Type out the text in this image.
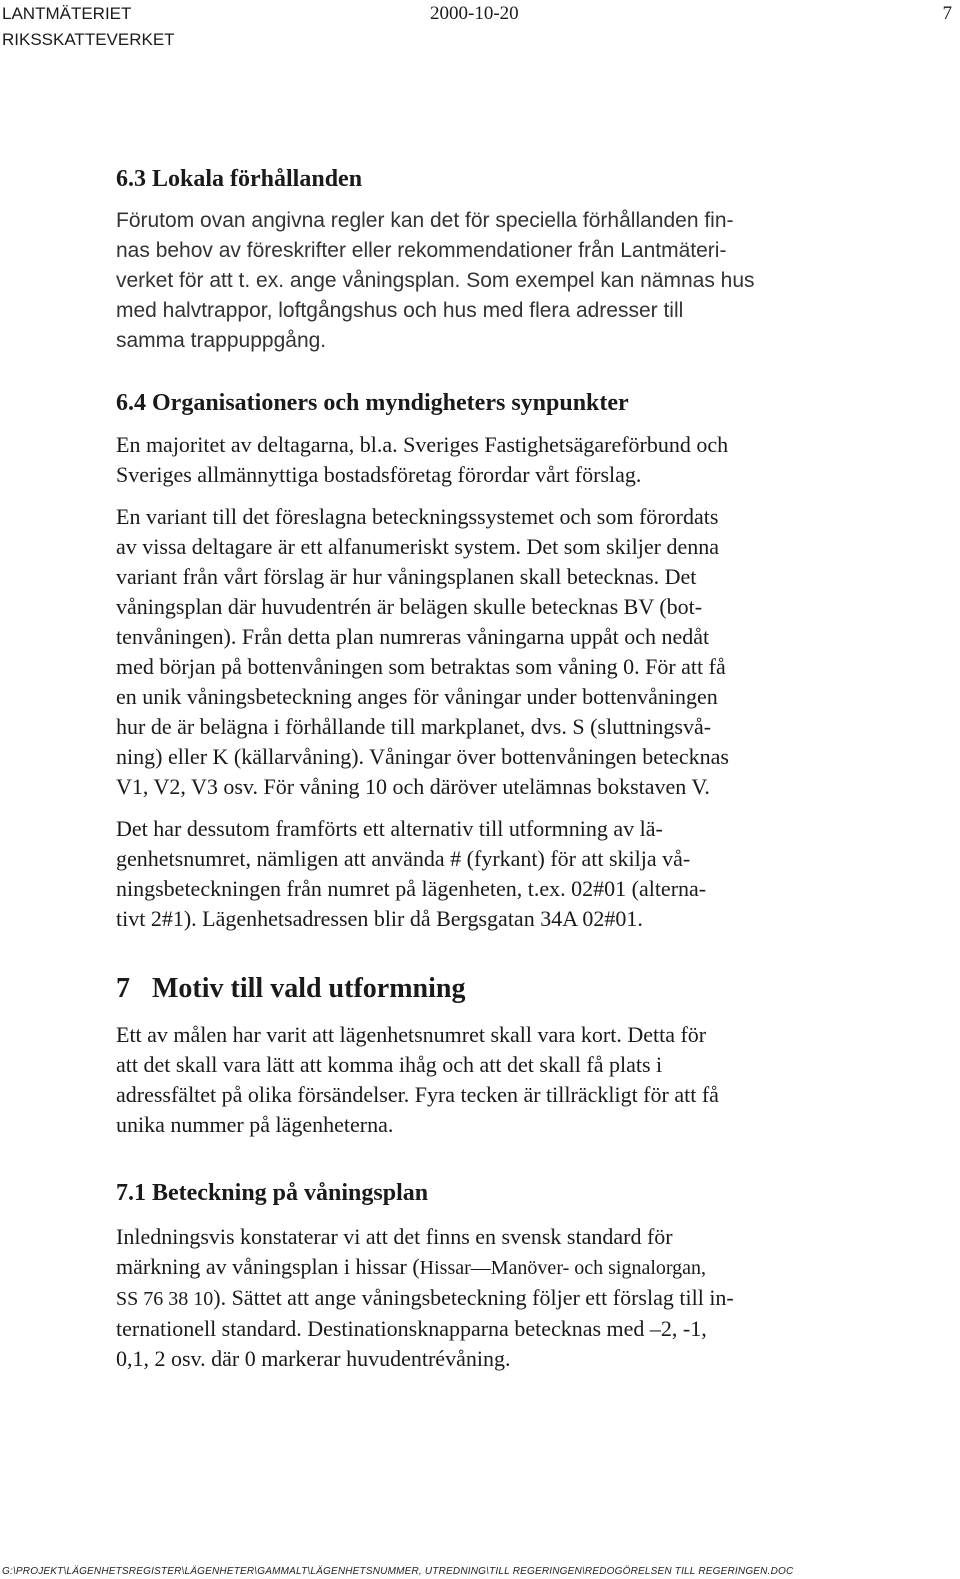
LANTMÄTERIET
RIKSSKATTEVERKET
2000-10-20	7
6.3 Lokala förhållanden

Förutom ovan angivna regler kan det för speciella förhållanden fin-
nas behov av föreskrifter eller rekommendationer från Lantmäteri-
verket för att t. ex. ange våningsplan. Som exempel kan nämnas hus
med halvtrappor, loftgångshus och hus med flera adresser till
samma trappuppgång.

6.4 Organisationers och myndigheters synpunkter

En majoritet av deltagarna, bl.a. Sveriges Fastighetsägareförbund och
Sveriges allmännyttiga bostadsföretag förordar vårt förslag.

En variant till det föreslagna beteckningssystemet och som förordats
av vissa deltagare är ett alfanumeriskt system. Det som skiljer denna
variant från vårt förslag är hur våningsplanen skall betecknas. Det
våningsplan där huvudentrén är belägen skulle betecknas BV (bot-
tenvåningen). Från detta plan numreras våningarna uppåt och nedåt
med början på bottenvåningen som betraktas som våning 0. För att få
en unik våningsbeteckning anges för våningar under bottenvåningen
hur de är belägna i förhållande till markplanet, dvs. S (sluttningsvå-
ning) eller K (källarvåning). Våningar över bottenvåningen betecknas
V1, V2, V3 osv. För våning 10 och däröver utelämnas bokstaven V.

Det har dessutom framförts ett alternativ till utformning av lä-
genhetsnumret, nämligen att använda # (fyrkant) för att skilja vå-
ningsbeteckningen från numret på lägenheten, t.ex. 02#01 (alterna-
tivt 2#1). Lägenhetsadressen blir då Bergsgatan 34A 02#01.

7 Motiv till vald utformning

Ett av målen har varit att lägenhetsnumret skall vara kort. Detta för
att det skall vara lätt att komma ihåg och att det skall få plats i
adressfältet på olika försändelser. Fyra tecken är tillräckligt för att få
unika nummer på lägenheterna.

7.1 Beteckning på våningsplan

Inledningsvis konstaterar vi att det finns en svensk standard för
märkning av våningsplan i hissar (Hissar—Manöver- och signalorgan,
SS 76 38 10). Sättet att ange våningsbeteckning följer ett förslag till in-
ternationell standard. Destinationsknapparna betecknas med –2, -1,
0,1, 2 osv. där 0 markerar huvudentrévåning.

G:\PROJEKT\LÄGENHETSREGISTER\LÄGENHETER\GAMMALT\LÄGENHETSNUMMER, UTREDNING\TILL REGERINGEN\REDOGÖRELSEN TILL REGERINGEN.DOC
